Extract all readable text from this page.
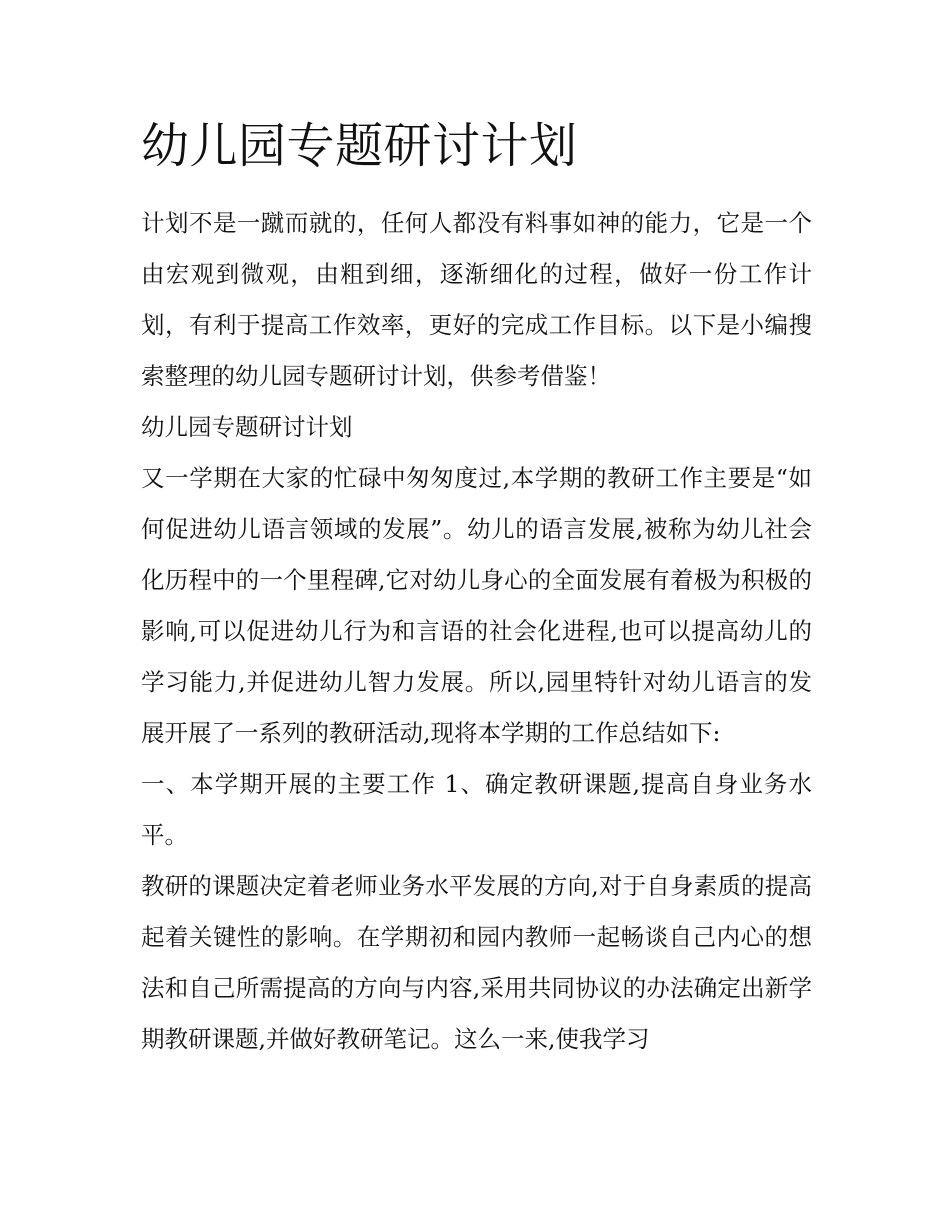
幼儿园专题研讨计划

计划不是一蹴而就的，任何人都没有料事如神的能力，它是一个由宏观到微观，由粗到细，逐渐细化的过程，做好一份工作计划，有利于提高工作效率，更好的完成工作目标。以下是小编搜索整理的幼儿园专题研讨计划，供参考借鉴！

幼儿园专题研讨计划

又一学期在大家的忙碌中匆匆度过,本学期的教研工作主要是“如何促进幼儿语言领域的发展”。幼儿的语言发展,被称为幼儿社会化历程中的一个里程碑,它对幼儿身心的全面发展有着极为积极的影响,可以促进幼儿行为和言语的社会化进程,也可以提高幼儿的学习能力,并促进幼儿智力发展。所以,园里特针对幼儿语言的发展开展了一系列的教研活动,现将本学期的工作总结如下:

一、本学期开展的主要工作 1、确定教研课题,提高自身业务水平。

教研的课题决定着老师业务水平发展的方向,对于自身素质的提高起着关键性的影响。在学期初和园内教师一起畅谈自己内心的想法和自己所需提高的方向与内容,采用共同协议的办法确定出新学期教研课题,并做好教研笔记。这么一来,使我学习
